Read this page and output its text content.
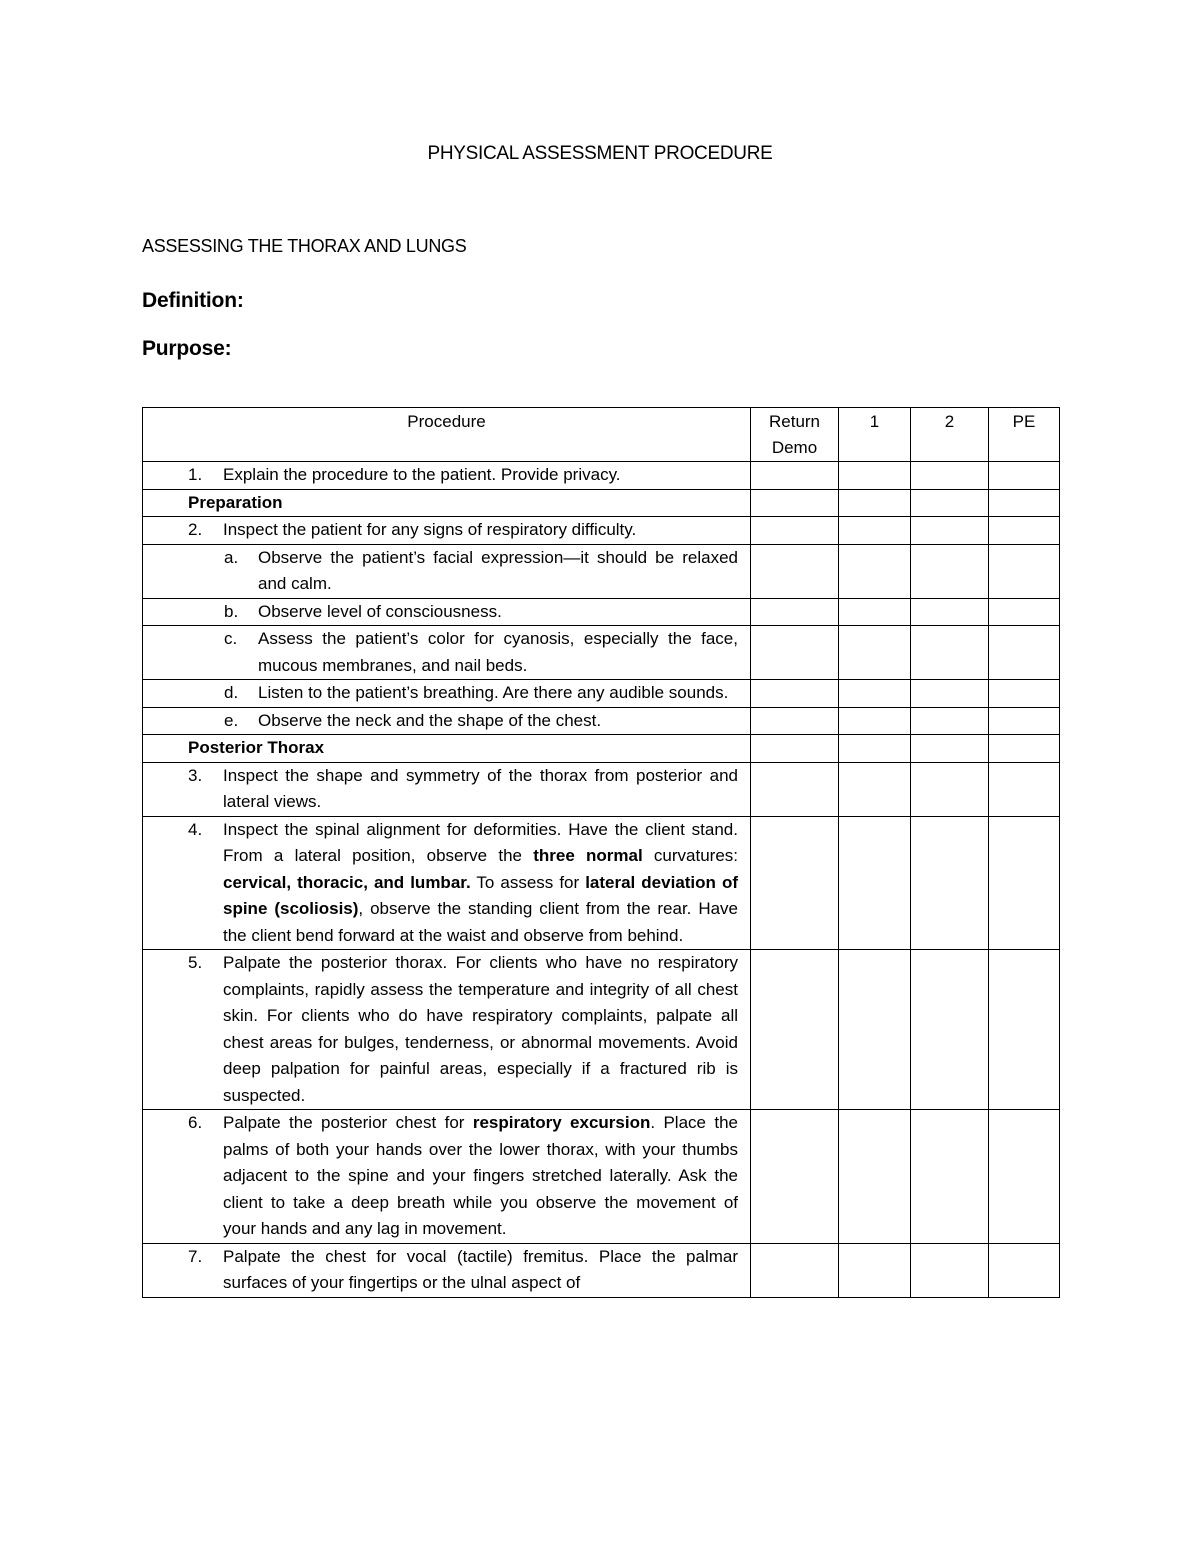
PHYSICAL ASSESSMENT PROCEDURE
ASSESSING THE THORAX AND LUNGS
Definition:
Purpose:
Procedure	Return Demo	1	2	PE

1. Explain the procedure to the patient. Provide privacy.				

Preparation				

2. Inspect the patient for any signs of respiratory difficulty.				

a. Observe the patient’s facial expression—it should be relaxed and calm.				

b. Observe level of consciousness.				

c. Assess the patient’s color for cyanosis, especially the face, mucous membranes, and nail beds.				

d. Listen to the patient’s breathing. Are there any audible sounds.				

e. Observe the neck and the shape of the chest.				

Posterior Thorax				

3. Inspect the shape and symmetry of the thorax from posterior and lateral views.				

4. Inspect the spinal alignment for deformities. Have the client stand. From a lateral position, observe the three normal curvatures: cervical, thoracic, and lumbar. To assess for lateral deviation of spine (scoliosis), observe the standing client from the rear. Have the client bend forward at the waist and observe from behind.				

5. Palpate the posterior thorax. For clients who have no respiratory complaints, rapidly assess the temperature and integrity of all chest skin. For clients who do have respiratory complaints, palpate all chest areas for bulges, tenderness, or abnormal movements. Avoid deep palpation for painful areas, especially if a fractured rib is suspected.				

6. Palpate the posterior chest for respiratory excursion. Place the palms of both your hands over the lower thorax, with your thumbs adjacent to the spine and your fingers stretched laterally. Ask the client to take a deep breath while you observe the movement of your hands and any lag in movement.				

7. Palpate the chest for vocal (tactile) fremitus. Place the palmar surfaces of your fingertips or the ulnal aspect of				
